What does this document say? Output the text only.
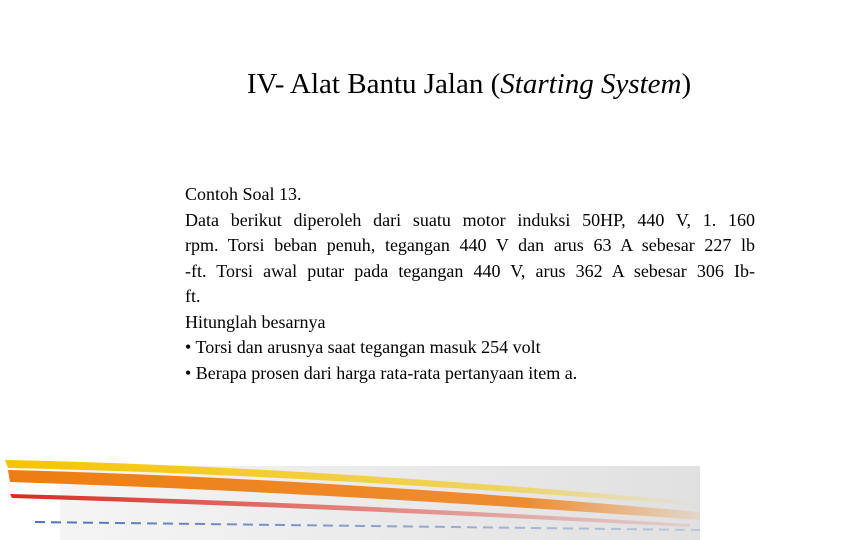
IV- Alat Bantu Jalan (Starting System)
Contoh Soal 13.
Data berikut diperoleh dari suatu motor induksi 50HP, 440 V, 1. 160
rpm. Torsi beban penuh, tegangan 440 V dan arus 63 A sebesar 227 lb
-ft. Torsi awal putar pada tegangan 440 V, arus 362 A sebesar 306 Ib-
ft.
Hitunglah besarnya
• Torsi dan arusnya saat tegangan masuk 254 volt
• Berapa prosen dari harga rata-rata pertanyaan item a.
